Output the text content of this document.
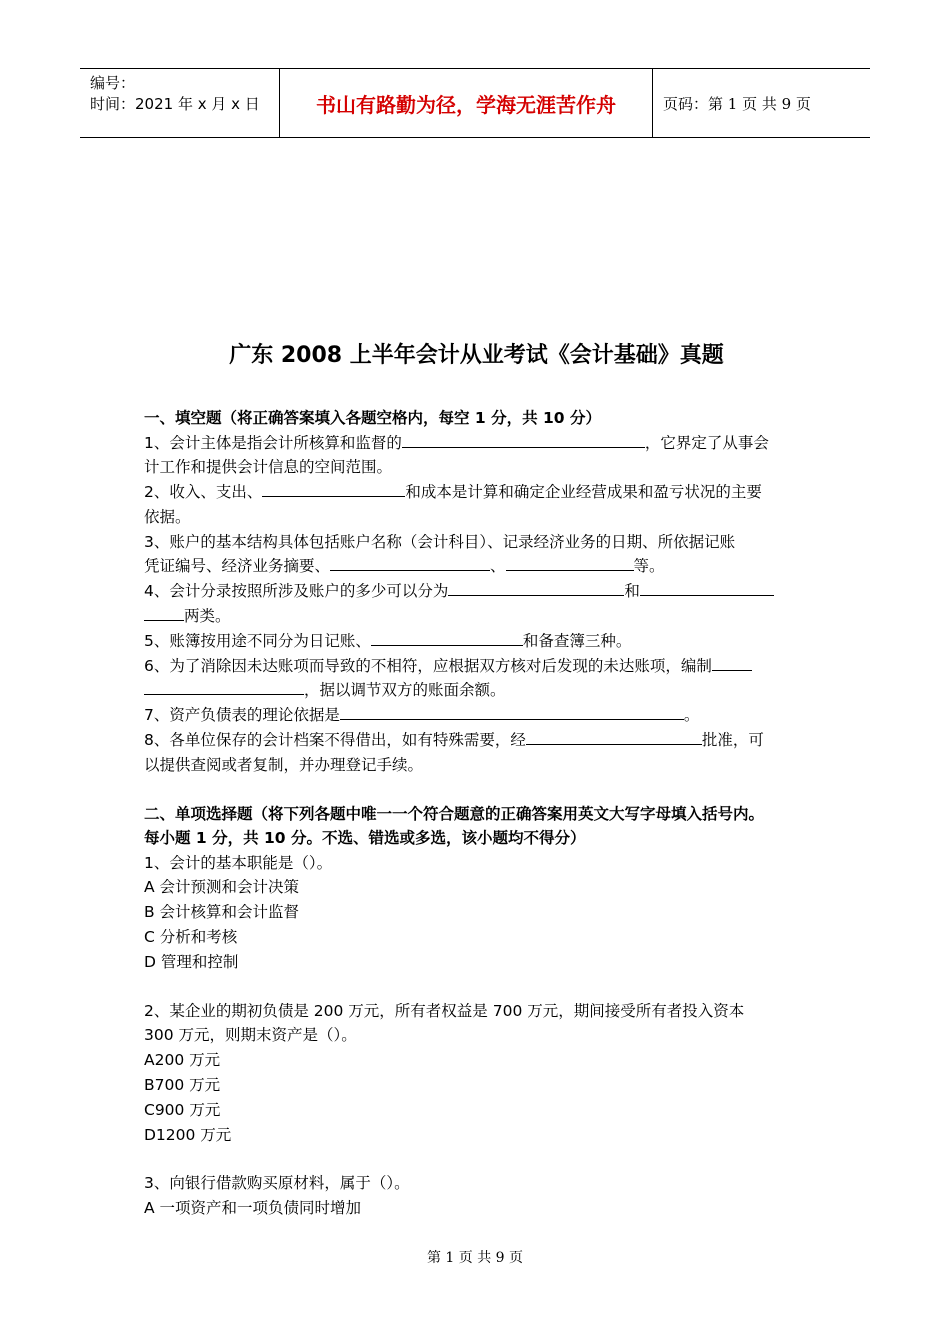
编号：
时间：2021 年 x 月 x 日	书山有路勤为径，学海无涯苦作舟	页码：第 1 页 共 9 页
广东 2008 上半年会计从业考试《会计基础》真题
一、填空题（将正确答案填入各题空格内，每空 1 分，共 10 分）
1、会计主体是指会计所核算和监督的	，它界定了从事会
计工作和提供会计信息的空间范围。
2、收入、支出、	和成本是计算和确定企业经营成果和盈亏状况的主要
依据。
3、账户的基本结构具体包括账户名称（会计科目）、记录经济业务的日期、所依据记账
凭证编号、经济业务摘要、	、	等。
4、会计分录按照所涉及账户的多少可以分为	和
两类。
5、账簿按用途不同分为日记账、	和备查簿三种。
6、为了消除因未达账项而导致的不相符，应根据双方核对后发现的未达账项，编制
，据以调节双方的账面余额。
7、资产负债表的理论依据是	。
8、各单位保存的会计档案不得借出，如有特殊需要，经	批准，可
以提供查阅或者复制，并办理登记手续。
二、单项选择题（将下列各题中唯一一个符合题意的正确答案用英文大写字母填入括号内。
每小题 1 分，共 10 分。不选、错选或多选，该小题均不得分）
1、会计的基本职能是（）。
A 会计预测和会计决策
B 会计核算和会计监督
C 分析和考核
D 管理和控制
2、某企业的期初负债是 200 万元，所有者权益是 700 万元，期间接受所有者投入资本
300 万元，则期末资产是（）。
A200 万元
B700 万元
C900 万元
D1200 万元
3、向银行借款购买原材料，属于（）。
A 一项资产和一项负债同时增加
第 1 页 共 9 页
